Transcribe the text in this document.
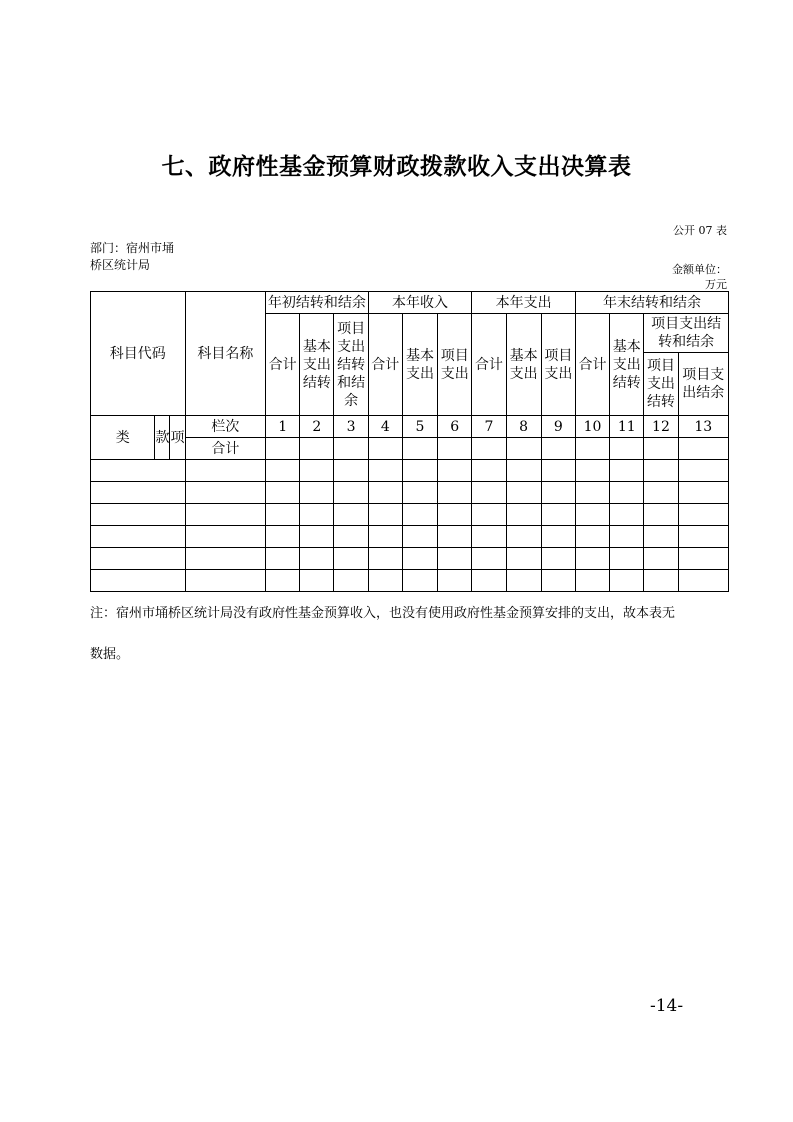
七、政府性基金预算财政拨款收入支出决算表
公开 07 表
部门：宿州市埇桥区统计局	金额单位：
万元
科目代码			科目名称	年初结转和结余			本年收入			本年支出			年末结转和结余			
				合计	基本支出结转	项目支出结转和结余	合计	基本支出	项目支出	合计	基本支出	项目支出	合计	基本支出结转	项目支出结转和结余	
															项目支出结转	项目支出结余

类	款	项	栏次	1	2	3	4	5	6	7	8	9	10	11	12	13
			合计													

注：宿州市埇桥区统计局没有政府性基金预算收入，也没有使用政府性基金预算安排的支出，故本表无
数据。
-14-
